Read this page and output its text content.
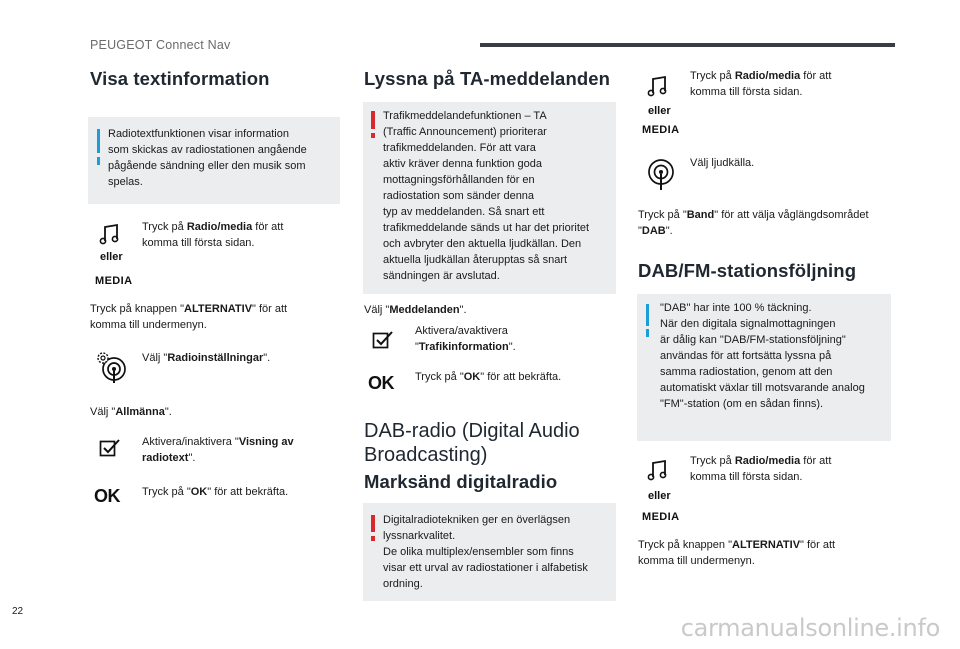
PEUGEOT Connect Nav
Visa textinformation
Radiotextfunktionen visar information
som skickas av radiostationen angående
pågående sändning eller den musik som
spelas.
eller
MEDIA
Tryck på Radio/media för att
komma till första sidan.
Tryck på knappen "ALTERNATIV" för att
komma till undermenyn.
Välj "Radioinställningar".
Välj "Allmänna".
Aktivera/inaktivera "Visning av
radiotext".
OK Tryck på "OK" för att bekräfta.
Lyssna på TA-meddelanden
Trafikmeddelandefunktionen – TA
(Traffic Announcement) prioriterar
trafikmeddelanden. För att vara
aktiv kräver denna funktion goda
mottagningsförhållanden för en
radiostation som sänder denna
typ av meddelanden. Så snart ett
trafikmeddelande sänds ut har det prioritet
och avbryter den aktuella ljudkällan. Den
aktuella ljudkällan återupptas så snart
sändningen är avslutad.
Välj "Meddelanden".
Aktivera/avaktivera
"Trafikinformation".
OK Tryck på "OK" för att bekräfta.
DAB-radio (Digital Audio
Broadcasting)
Marksänd digitalradio
Digitalradiotekniken ger en överlägsen
lyssnarkvalitet.
De olika multiplex/ensembler som finns
visar ett urval av radiostationer i alfabetisk
ordning.
eller
MEDIA
Tryck på Radio/media för att
komma till första sidan.
Välj ljudkälla.
Tryck på "Band" för att välja våglängdsområdet
"DAB".
DAB/FM-stationsföljning
"DAB" har inte 100 % täckning.
När den digitala signalmottagningen
är dålig kan "DAB/FM-stationsföljning"
användas för att fortsätta lyssna på
samma radiostation, genom att den
automatiskt växlar till motsvarande analog
"FM"-station (om en sådan finns).
eller
MEDIA
Tryck på Radio/media för att
komma till första sidan.
Tryck på knappen "ALTERNATIV" för att
komma till undermenyn.
22
carmanualsonline.info
